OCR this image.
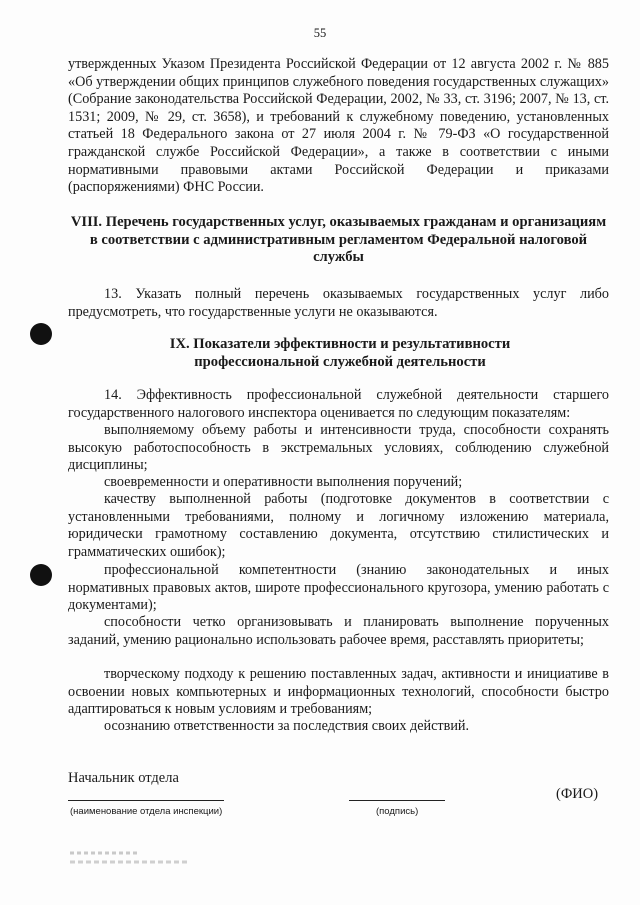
55

утвержденных Указом Президента Российской Федерации от 12 августа 2002 г. № 885 «Об утверждении общих принципов служебного поведения государственных служащих» (Собрание законодательства Российской Федерации, 2002, № 33, ст. 3196; 2007, № 13, ст. 1531; 2009, № 29, ст. 3658), и требований к служебному поведению, установленных статьей 18 Федерального закона от 27 июля 2004 г. № 79-ФЗ «О государственной гражданской службе Российской Федерации», а также в соответствии с иными нормативными правовыми актами Российской Федерации и приказами (распоряжениями) ФНС России.

VIII. Перечень государственных услуг, оказываемых гражданам и организациям в соответствии с административным регламентом Федеральной налоговой службы

13. Указать полный перечень оказываемых государственных услуг либо предусмотреть, что государственные услуги не оказываются.

IX. Показатели эффективности и результативности профессиональной служебной деятельности

14. Эффективность профессиональной служебной деятельности старшего государственного налогового инспектора оценивается по следующим показателям:

выполняемому объему работы и интенсивности труда, способности сохранять высокую работоспособность в экстремальных условиях, соблюдению служебной дисциплины;

своевременности и оперативности выполнения поручений;

качеству выполненной работы (подготовке документов в соответствии с установленными требованиями, полному и логичному изложению материала, юридически грамотному составлению документа, отсутствию стилистических и грамматических ошибок);

профессиональной компетентности (знанию законодательных и иных нормативных правовых актов, широте профессионального кругозора, умению работать с документами);

способности четко организовывать и планировать выполнение порученных заданий, умению рационально использовать рабочее время, расставлять приоритеты;

творческому подходу к решению поставленных задач, активности и инициативе в освоении новых компьютерных и информационных технологий, способности быстро адаптироваться к новым условиям и требованиям;

осознанию ответственности за последствия своих действий.

Начальник отдела
(наименование отдела инспекции)	(подпись)
(ФИО)
